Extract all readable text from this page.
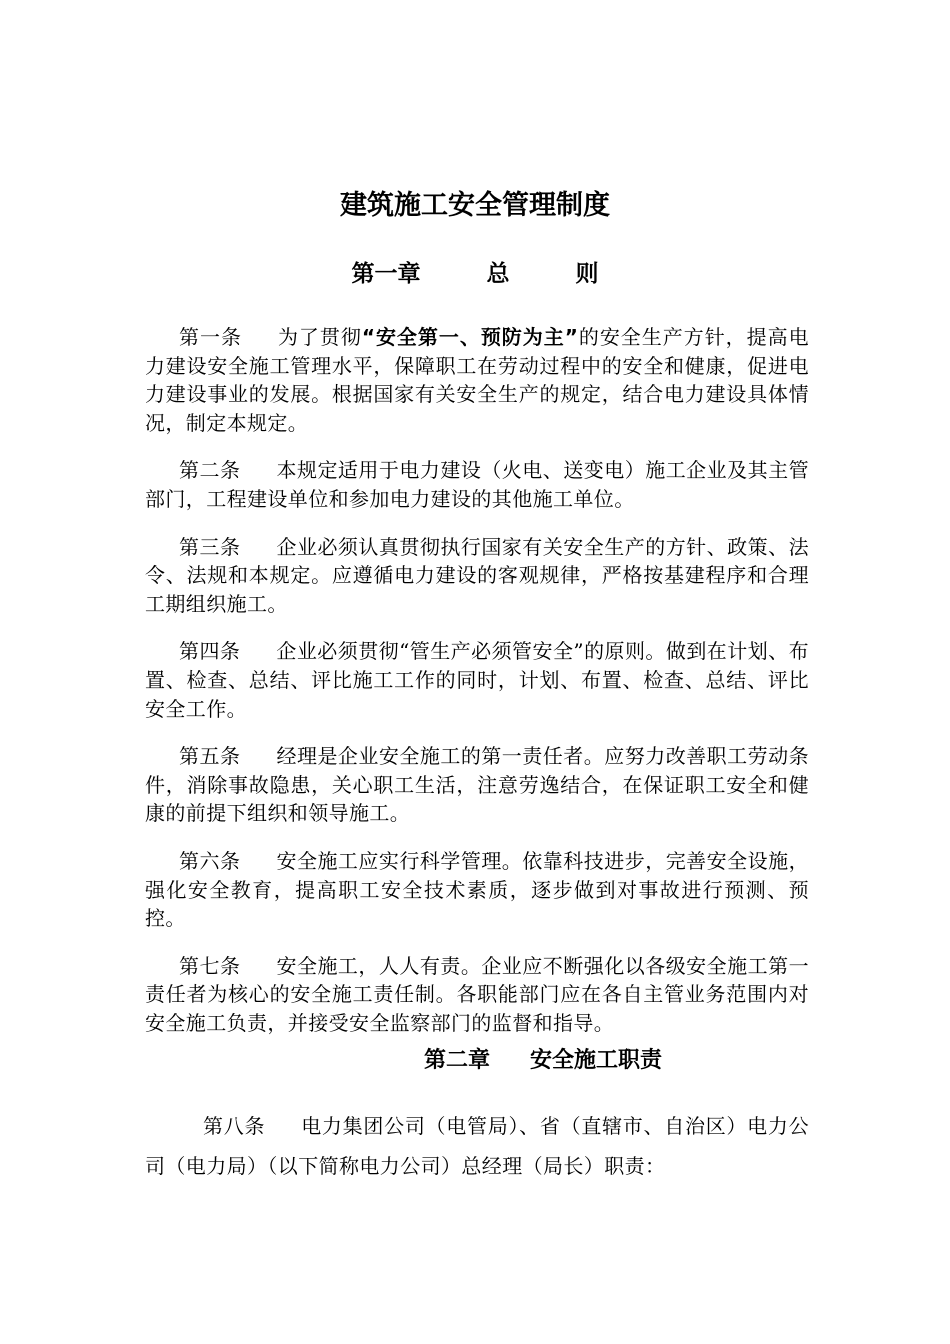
建筑施工安全管理制度
第一章	总	则

第一条 为了贯彻“安全第一、预防为主”的安全生产方针，提高电力建设安全施工管理水平，保障职工在劳动过程中的安全和健康，促进电力建设事业的发展。根据国家有关安全生产的规定，结合电力建设具体情况，制定本规定。

第二条 本规定适用于电力建设（火电、送变电）施工企业及其主管部门，工程建设单位和参加电力建设的其他施工单位。

第三条 企业必须认真贯彻执行国家有关安全生产的方针、政策、法令、法规和本规定。应遵循电力建设的客观规律，严格按基建程序和合理工期组织施工。

第四条 企业必须贯彻“管生产必须管安全”的原则。做到在计划、布置、检查、总结、评比施工工作的同时，计划、布置、检查、总结、评比安全工作。

第五条 经理是企业安全施工的第一责任者。应努力改善职工劳动条件，消除事故隐患，关心职工生活，注意劳逸结合，在保证职工安全和健康的前提下组织和领导施工。

第六条 安全施工应实行科学管理。依靠科技进步，完善安全设施，强化安全教育，提高职工安全技术素质，逐步做到对事故进行预测、预控。

第七条 安全施工，人人有责。企业应不断强化以各级安全施工第一责任者为核心的安全施工责任制。各职能部门应在各自主管业务范围内对安全施工负责，并接受安全监察部门的监督和指导。

第二章 安全施工职责

第八条 电力集团公司（电管局）、省（直辖市、自治区）电力公司（电力局）（以下简称电力公司）总经理（局长）职责：
